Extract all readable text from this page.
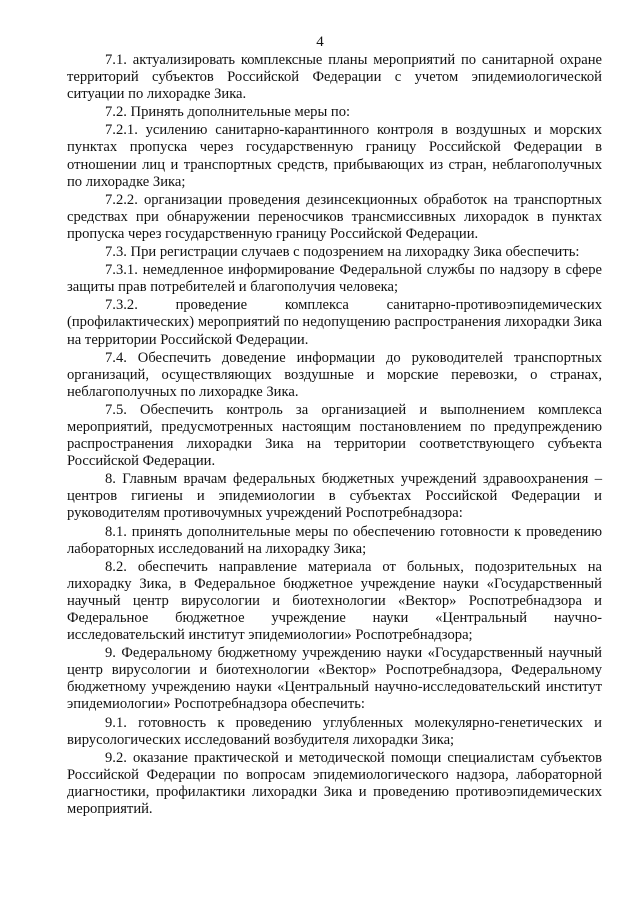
4

7.1. актуализировать комплексные планы мероприятий по санитарной охране территорий субъектов Российской Федерации с учетом эпидемиологической ситуации по лихорадке Зика.

7.2. Принять дополнительные меры по:

7.2.1. усилению санитарно-карантинного контроля в воздушных и морских пунктах пропуска через государственную границу Российской Федерации в отношении лиц и транспортных средств, прибывающих из стран, неблагополучных по лихорадке Зика;

7.2.2. организации проведения дезинсекционных обработок на транспортных средствах при обнаружении переносчиков трансмиссивных лихорадок в пунктах пропуска через государственную границу Российской Федерации.

7.3. При регистрации случаев с подозрением на лихорадку Зика обеспечить:

7.3.1. немедленное информирование Федеральной службы по надзору в сфере защиты прав потребителей и благополучия человека;

7.3.2. проведение комплекса санитарно-противоэпидемических (профилактических) мероприятий по недопущению распространения лихорадки Зика на территории Российской Федерации.

7.4. Обеспечить доведение информации до руководителей транспортных организаций, осуществляющих воздушные и морские перевозки, о странах, неблагополучных по лихорадке Зика.

7.5. Обеспечить контроль за организацией и выполнением комплекса мероприятий, предусмотренных настоящим постановлением по предупреждению распространения лихорадки Зика на территории соответствующего субъекта Российской Федерации.

8. Главным врачам федеральных бюджетных учреждений здравоохранения – центров гигиены и эпидемиологии в субъектах Российской Федерации и руководителям противочумных учреждений Роспотребнадзора:

8.1. принять дополнительные меры по обеспечению готовности к проведению лабораторных исследований на лихорадку Зика;

8.2. обеспечить направление материала от больных, подозрительных на лихорадку Зика, в Федеральное бюджетное учреждение науки «Государственный научный центр вирусологии и биотехнологии «Вектор» Роспотребнадзора и Федеральное бюджетное учреждение науки «Центральный научно-исследовательский институт эпидемиологии» Роспотребнадзора;

9. Федеральному бюджетному учреждению науки «Государственный научный центр вирусологии и биотехнологии «Вектор» Роспотребнадзора, Федеральному бюджетному учреждению науки «Центральный научно-исследовательский институт эпидемиологии» Роспотребнадзора обеспечить:

9.1. готовность к проведению углубленных молекулярно-генетических и вирусологических исследований возбудителя лихорадки Зика;

9.2. оказание практической и методической помощи специалистам субъектов Российской Федерации по вопросам эпидемиологического надзора, лабораторной диагностики, профилактики лихорадки Зика и проведению противоэпидемических мероприятий.
